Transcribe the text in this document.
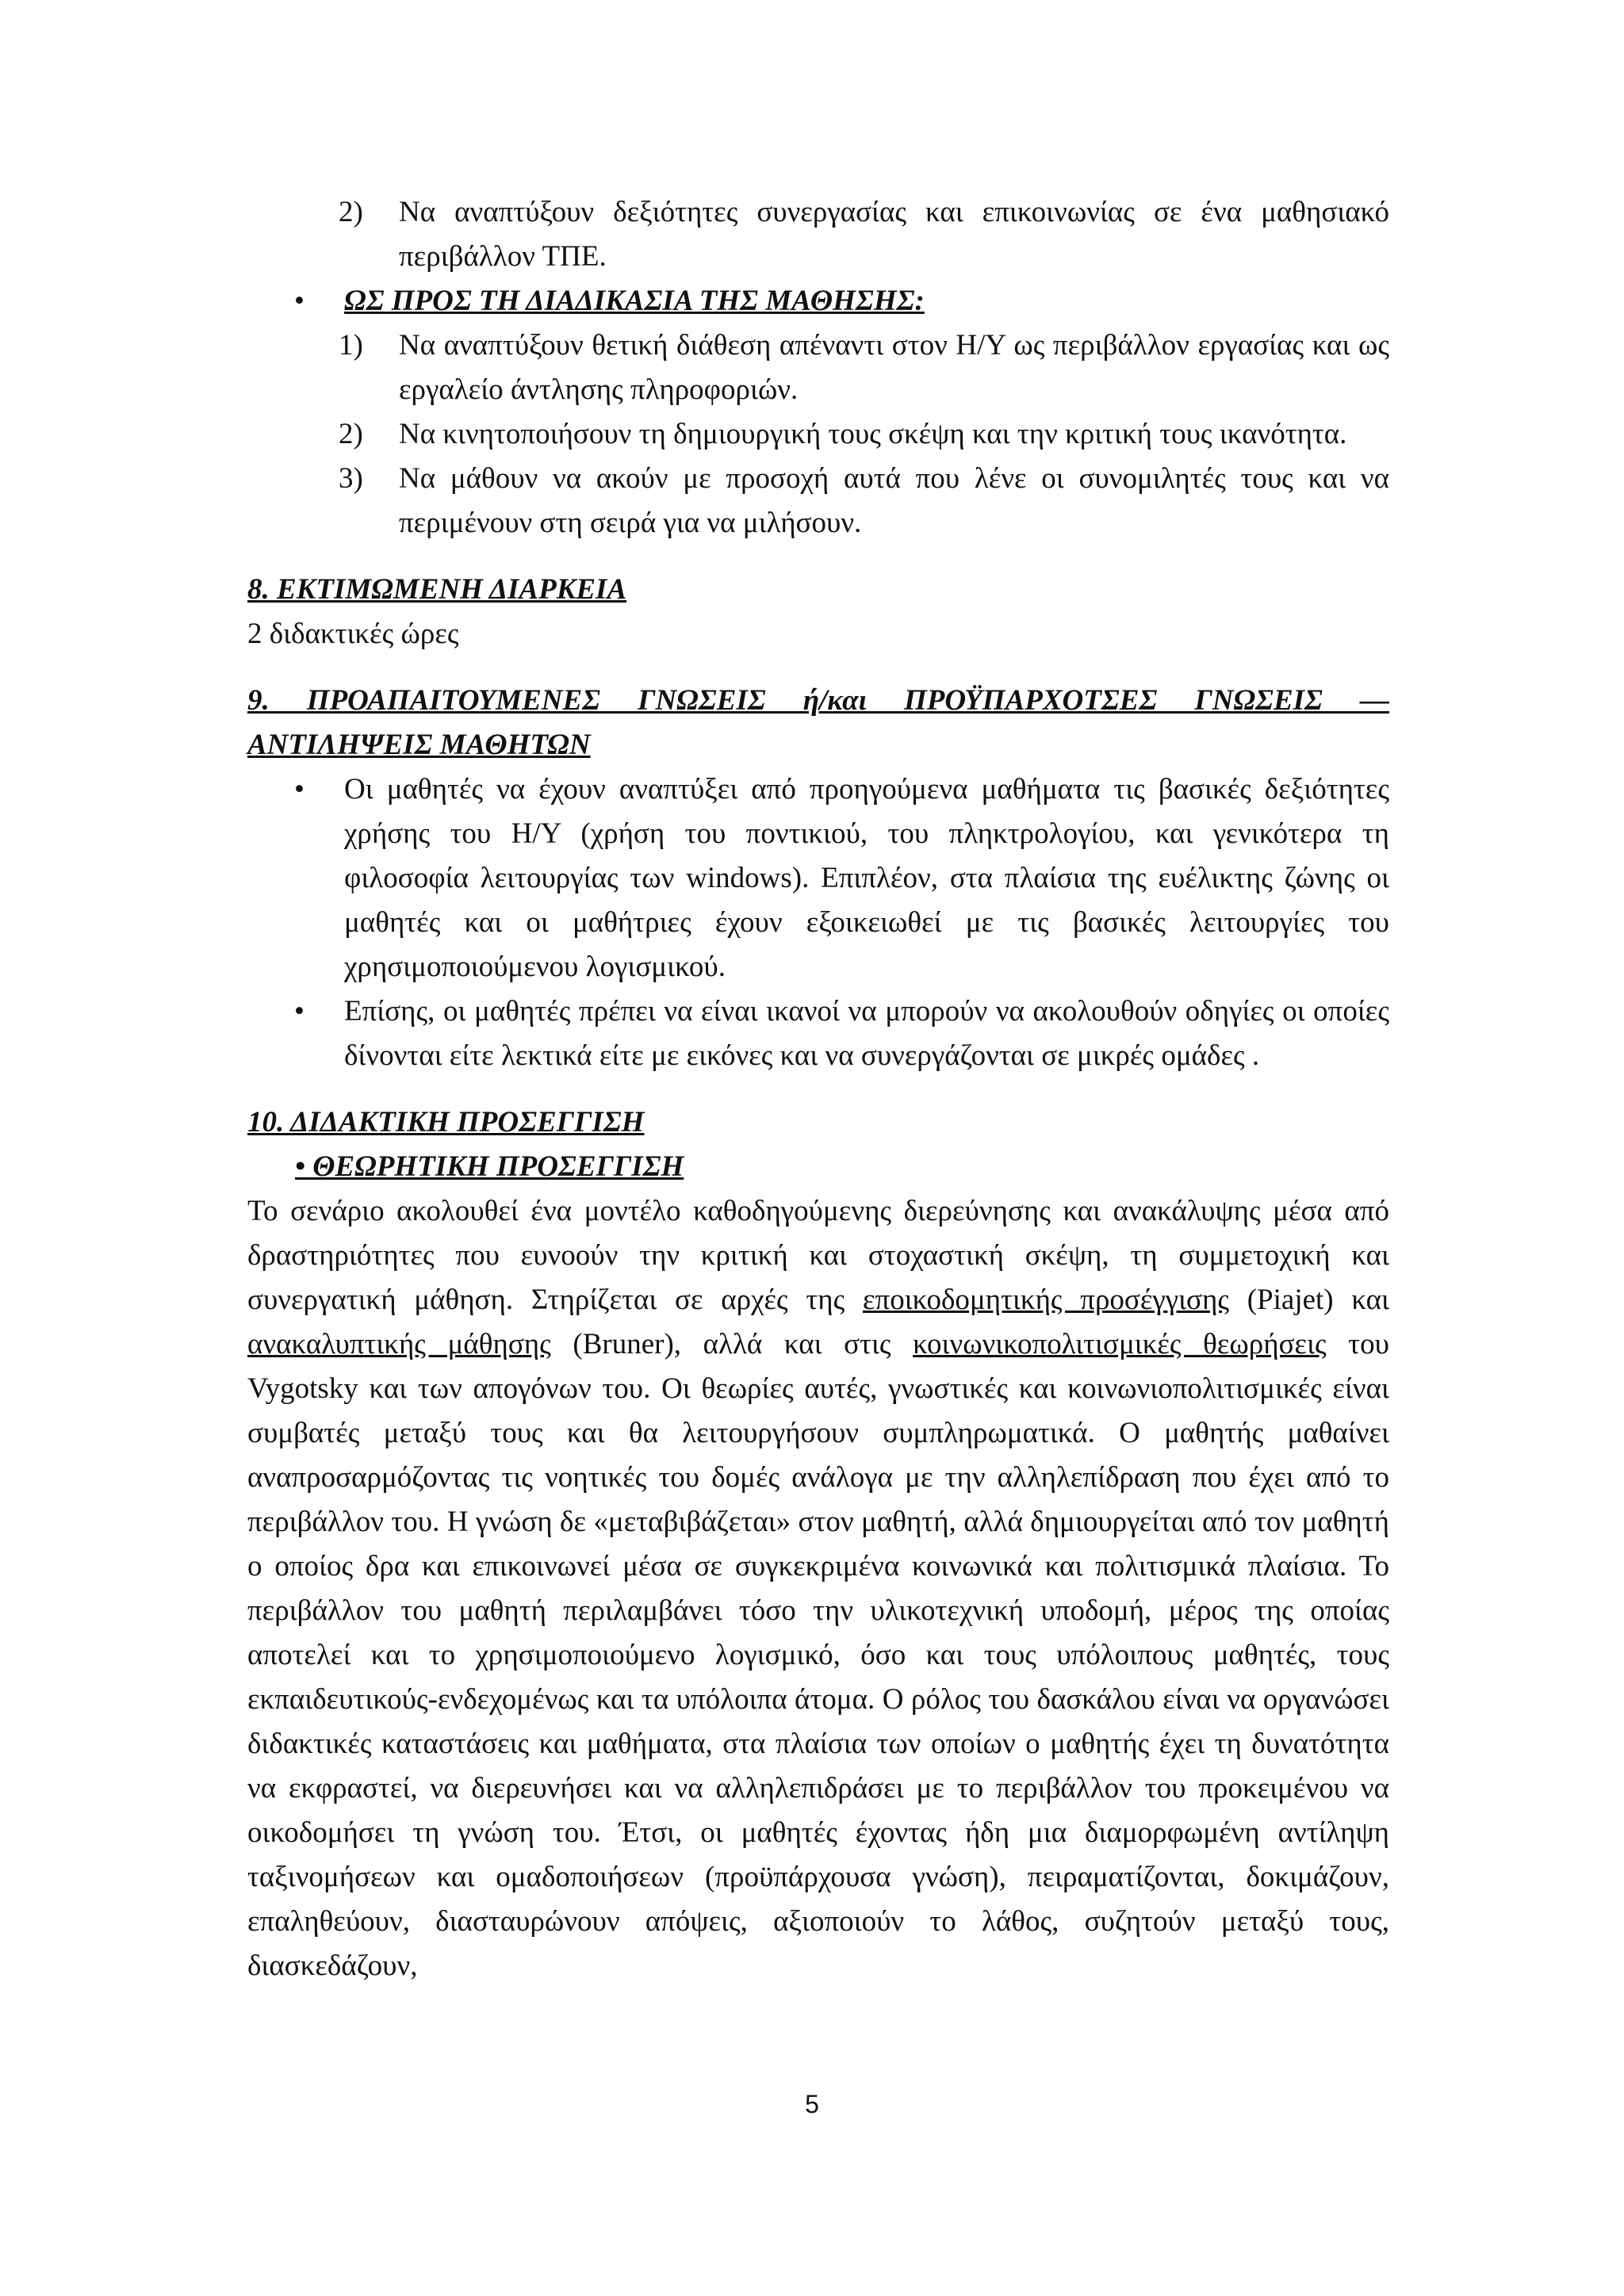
2) Να αναπτύξουν δεξιότητες συνεργασίας και επικοινωνίας σε ένα μαθησιακό περιβάλλον ΤΠΕ.
• ΩΣ ΠΡΟΣ ΤΗ ΔΙΑΔΙΚΑΣΙΑ ΤΗΣ ΜΑΘΗΣΗΣ:
1) Να αναπτύξουν θετική διάθεση απέναντι στον Η/Υ ως περιβάλλον εργασίας και ως εργαλείο άντλησης πληροφοριών.
2) Να κινητοποιήσουν τη δημιουργική τους σκέψη και την κριτική τους ικανότητα.
3) Να μάθουν να ακούν με προσοχή αυτά που λένε οι συνομιλητές τους και να περιμένουν στη σειρά για να μιλήσουν.

8. ΕΚΤΙΜΩΜΕΝΗ ΔΙΑΡΚΕΙΑ

2 διδακτικές ώρες

9. ΠΡΟΑΠΑΙΤΟΥΜΕΝΕΣ ΓΝΩΣΕΙΣ ή/και ΠΡΟΫΠΑΡΧΟΤΣΕΣ ΓΝΩΣΕΙΣ — ΑΝΤΙΛΗΨΕΙΣ ΜΑΘΗΤΩΝ

• Οι μαθητές να έχουν αναπτύξει από προηγούμενα μαθήματα τις βασικές δεξιότητες χρήσης του Η/Υ (χρήση του ποντικιού, του πληκτρολογίου, και γενικότερα τη φιλοσοφία λειτουργίας των windows). Επιπλέον, στα πλαίσια της ευέλικτης ζώνης οι μαθητές και οι μαθήτριες έχουν εξοικειωθεί με τις βασικές λειτουργίες του χρησιμοποιούμενου λογισμικού.
• Επίσης, οι μαθητές πρέπει να είναι ικανοί να μπορούν να ακολουθούν οδηγίες οι οποίες δίνονται είτε λεκτικά είτε με εικόνες και να συνεργάζονται σε μικρές ομάδες .

10. ΔΙΔΑΚΤΙΚΗ ΠΡΟΣΕΓΓΙΣΗ

• ΘΕΩΡΗΤΙΚΗ ΠΡΟΣΕΓΓΙΣΗ

Το σενάριο ακολουθεί ένα μοντέλο καθοδηγούμενης διερεύνησης και ανακάλυψης μέσα από δραστηριότητες που ευνοούν την κριτική και στοχαστική σκέψη, τη συμμετοχική και συνεργατική μάθηση. Στηρίζεται σε αρχές της εποικοδομητικής προσέγγισης (Piajet) και ανακαλυπτικής μάθησης (Bruner), αλλά και στις κοινωνικοπολιτισμικές θεωρήσεις του Vygotsky και των απογόνων του. Οι θεωρίες αυτές, γνωστικές και κοινωνιοπολιτισμικές είναι συμβατές μεταξύ τους και θα λειτουργήσουν συμπληρωματικά. Ο μαθητής μαθαίνει αναπροσαρμόζοντας τις νοητικές του δομές ανάλογα με την αλληλεπίδραση που έχει από το περιβάλλον του. Η γνώση δε «μεταβιβάζεται» στον μαθητή, αλλά δημιουργείται από τον μαθητή ο οποίος δρα και επικοινωνεί μέσα σε συγκεκριμένα κοινωνικά και πολιτισμικά πλαίσια. Το περιβάλλον του μαθητή περιλαμβάνει τόσο την υλικοτεχνική υποδομή, μέρος της οποίας αποτελεί και το χρησιμοποιούμενο λογισμικό, όσο και τους υπόλοιπους μαθητές, τους εκπαιδευτικούς-ενδεχομένως και τα υπόλοιπα άτομα. Ο ρόλος του δασκάλου είναι να οργανώσει διδακτικές καταστάσεις και μαθήματα, στα πλαίσια των οποίων ο μαθητής έχει τη δυνατότητα να εκφραστεί, να διερευνήσει και να αλληλεπιδράσει με το περιβάλλον του προκειμένου να οικοδομήσει τη γνώση του. Έτσι, οι μαθητές έχοντας ήδη μια διαμορφωμένη αντίληψη ταξινομήσεων και ομαδοποιήσεων (προϋπάρχουσα γνώση), πειραματίζονται, δοκιμάζουν, επαληθεύουν, διασταυρώνουν απόψεις, αξιοποιούν το λάθος, συζητούν μεταξύ τους, διασκεδάζουν,

5
